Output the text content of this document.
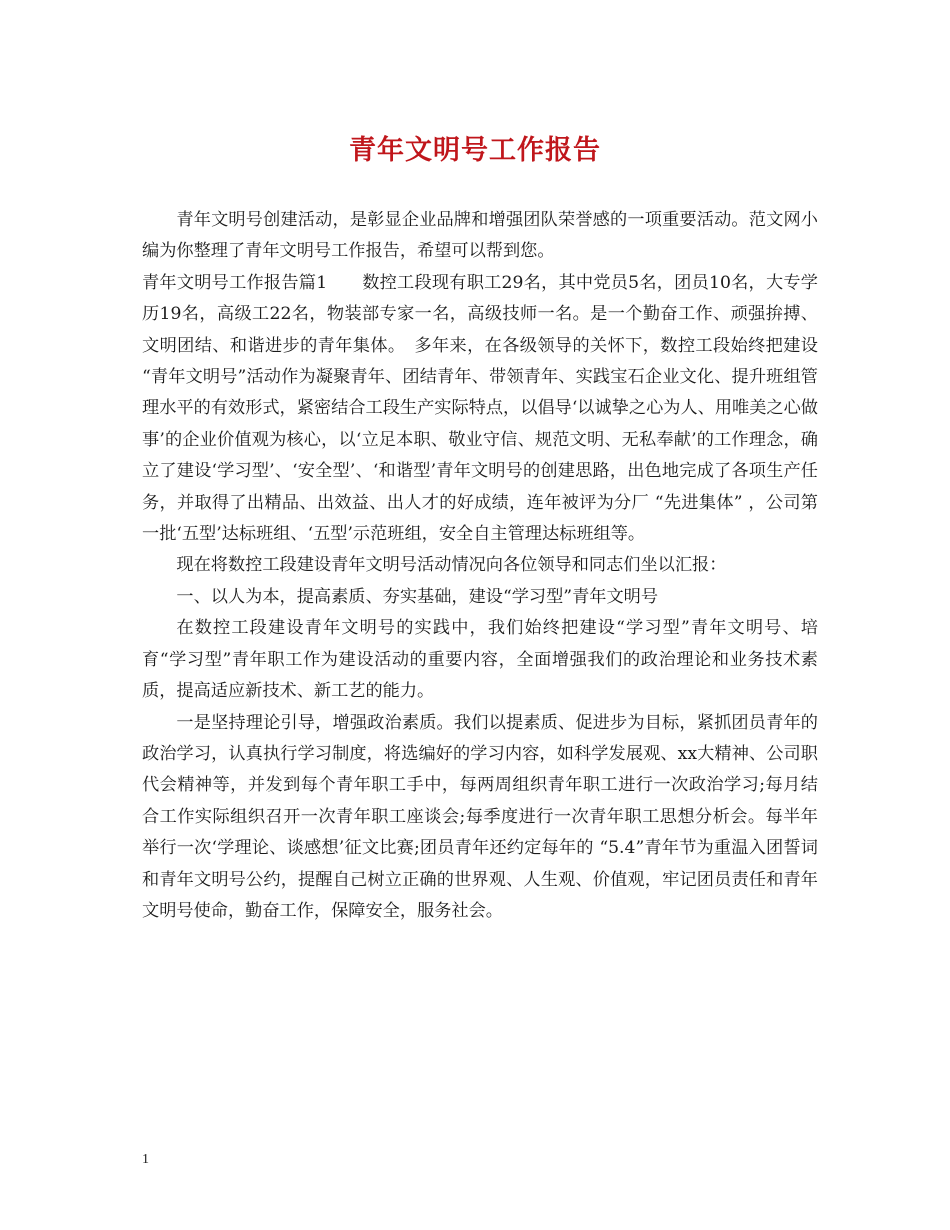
青年文明号工作报告

青年文明号创建活动，是彰显企业品牌和增强团队荣誉感的一项重要活动。范文网小编为你整理了青年文明号工作报告，希望可以帮到您。

青年文明号工作报告篇1　　数控工段现有职工29名，其中党员5名，团员10名，大专学历19名，高级工22名，物装部专家一名，高级技师一名。是一个勤奋工作、顽强拚搏、文明团结、和谐进步的青年集体。　多年来，在各级领导的关怀下，数控工段始终把建设 “青年文明号”活动作为凝聚青年、团结青年、带领青年、实践宝石企业文化、提升班组管理水平的有效形式，紧密结合工段生产实际特点，以倡导‘以诚挚之心为人、用唯美之心做事’的企业价值观为核心，以‘立足本职、敬业守信、规范文明、无私奉献’的工作理念，确立了建设‘学习型’、‘安全型’、‘和谐型’青年文明号的创建思路，出色地完成了各项生产任务，并取得了出精品、出效益、出人才的好成绩，连年被评为分厂 “先进集体” ，公司第一批‘五型’达标班组、‘五型’示范班组，安全自主管理达标班组等。

现在将数控工段建设青年文明号活动情况向各位领导和同志们坐以汇报：

一、以人为本，提高素质、夯实基础，建设“学习型”青年文明号

在数控工段建设青年文明号的实践中，我们始终把建设“学习型”青年文明号、培育“学习型”青年职工作为建设活动的重要内容，全面增强我们的政治理论和业务技术素质，提高适应新技术、新工艺的能力。

一是坚持理论引导，增强政治素质。我们以提素质、促进步为目标，紧抓团员青年的政治学习，认真执行学习制度，将选编好的学习内容，如科学发展观、xx大精神、公司职代会精神等，并发到每个青年职工手中，每两周组织青年职工进行一次政治学习;每月结合工作实际组织召开一次青年职工座谈会;每季度进行一次青年职工思想分析会。每半年举行一次‘学理论、谈感想’征文比赛;团员青年还约定每年的 “5.4”青年节为重温入团誓词和青年文明号公约，提醒自己树立正确的世界观、人生观、价值观，牢记团员责任和青年文明号使命，勤奋工作，保障安全，服务社会。

1
